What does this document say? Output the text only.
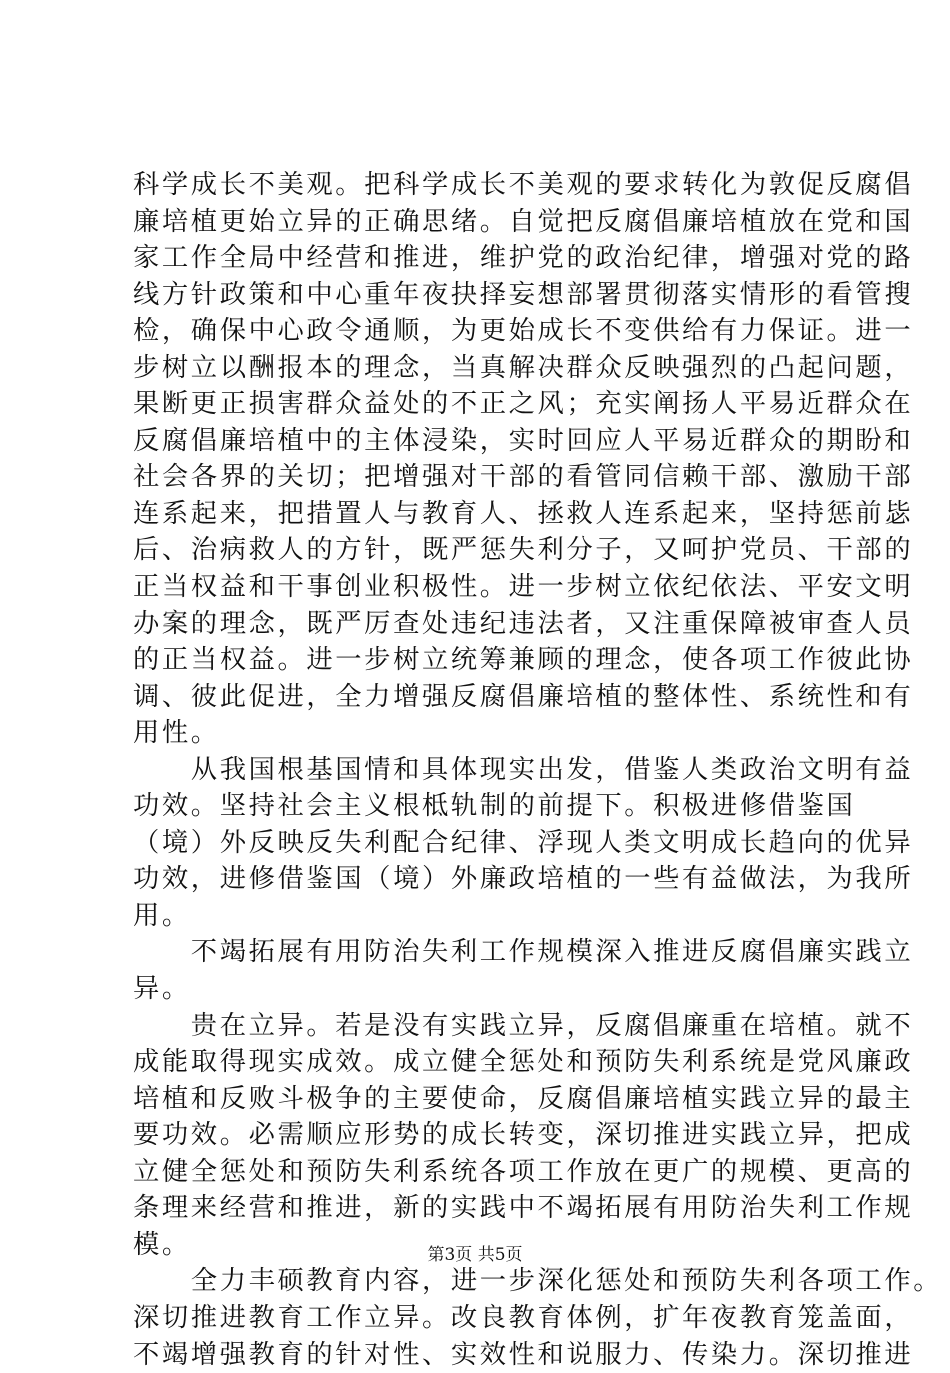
科学成长不美观。把科学成长不美观的要求转化为敦促反腐倡
廉培植更始立异的正确思绪。自觉把反腐倡廉培植放在党和国
家工作全局中经营和推进，维护党的政治纪律，增强对党的路
线方针政策和中心重年夜抉择妄想部署贯彻落实情形的看管搜
检，确保中心政令通顺，为更始成长不变供给有力保证。进一
步树立以酬报本的理念，当真解决群众反映强烈的凸起问题，
果断更正损害群众益处的不正之风；充实阐扬人平易近群众在
反腐倡廉培植中的主体浸染，实时回应人平易近群众的期盼和
社会各界的关切；把增强对干部的看管同信赖干部、激励干部
连系起来，把措置人与教育人、拯救人连系起来，坚持惩前毖
后、治病救人的方针，既严惩失利分子，又呵护党员、干部的
正当权益和干事创业积极性。进一步树立依纪依法、平安文明
办案的理念，既严厉查处违纪违法者，又注重保障被审查人员
的正当权益。进一步树立统筹兼顾的理念，使各项工作彼此协
调、彼此促进，全力增强反腐倡廉培植的整体性、系统性和有
用性。
　　从我国根基国情和具体现实出发，借鉴人类政治文明有益
功效。坚持社会主义根柢轨制的前提下。积极进修借鉴国
（境）外反映反失利配合纪律、浮现人类文明成长趋向的优异
功效，进修借鉴国（境）外廉政培植的一些有益做法，为我所
用。
　　不竭拓展有用防治失利工作规模深入推进反腐倡廉实践立
异。
　　贵在立异。若是没有实践立异，反腐倡廉重在培植。就不
成能取得现实成效。成立健全惩处和预防失利系统是党风廉政
培植和反败斗极争的主要使命，反腐倡廉培植实践立异的最主
要功效。必需顺应形势的成长转变，深切推进实践立异，把成
立健全惩处和预防失利系统各项工作放在更广的规模、更高的
条理来经营和推进，新的实践中不竭拓展有用防治失利工作规
模。
　　全力丰硕教育内容，进一步深化惩处和预防失利各项工作。
深切推进教育工作立异。改良教育体例，扩年夜教育笼盖面，
不竭增强教育的针对性、实效性和说服力、传染力。深切推进
第3页 共5页
